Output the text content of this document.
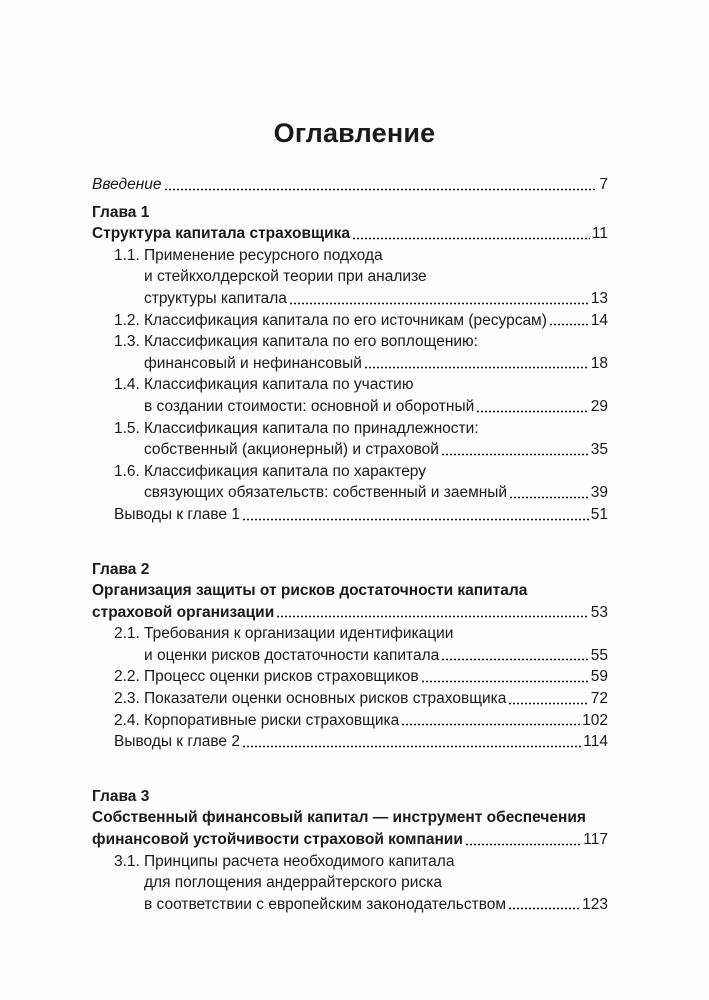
Оглавление
Введение	7
Глава 1
Структура капитала страховщика	11
1.1. Применение ресурсного подхода
и стейкхолдерской теории при анализе
структуры капитала	13
1.2. Классификация капитала по его источникам (ресурсам)	14
1.3. Классификация капитала по его воплощению:
финансовый и нефинансовый	18
1.4. Классификация капитала по участию
в создании стоимости: основной и оборотный	29
1.5. Классификация капитала по принадлежности:
собственный (акционерный) и страховой	35
1.6. Классификация капитала по характеру
связующих обязательств: собственный и заемный	39
Выводы к главе 1	51
Глава 2
Организация защиты от рисков достаточности капитала
страховой организации	53
2.1. Требования к организации идентификации
и оценки рисков достаточности капитала	55
2.2. Процесс оценки рисков страховщиков	59
2.3. Показатели оценки основных рисков страховщика	72
2.4. Корпоративные риски страховщика	102
Выводы к главе 2	114
Глава 3
Собственный финансовый капитал — инструмент обеспечения
финансовой устойчивости страховой компании	117
3.1. Принципы расчета необходимого капитала
для поглощения андеррайтерского риска
в соответствии с европейским законодательством	123
